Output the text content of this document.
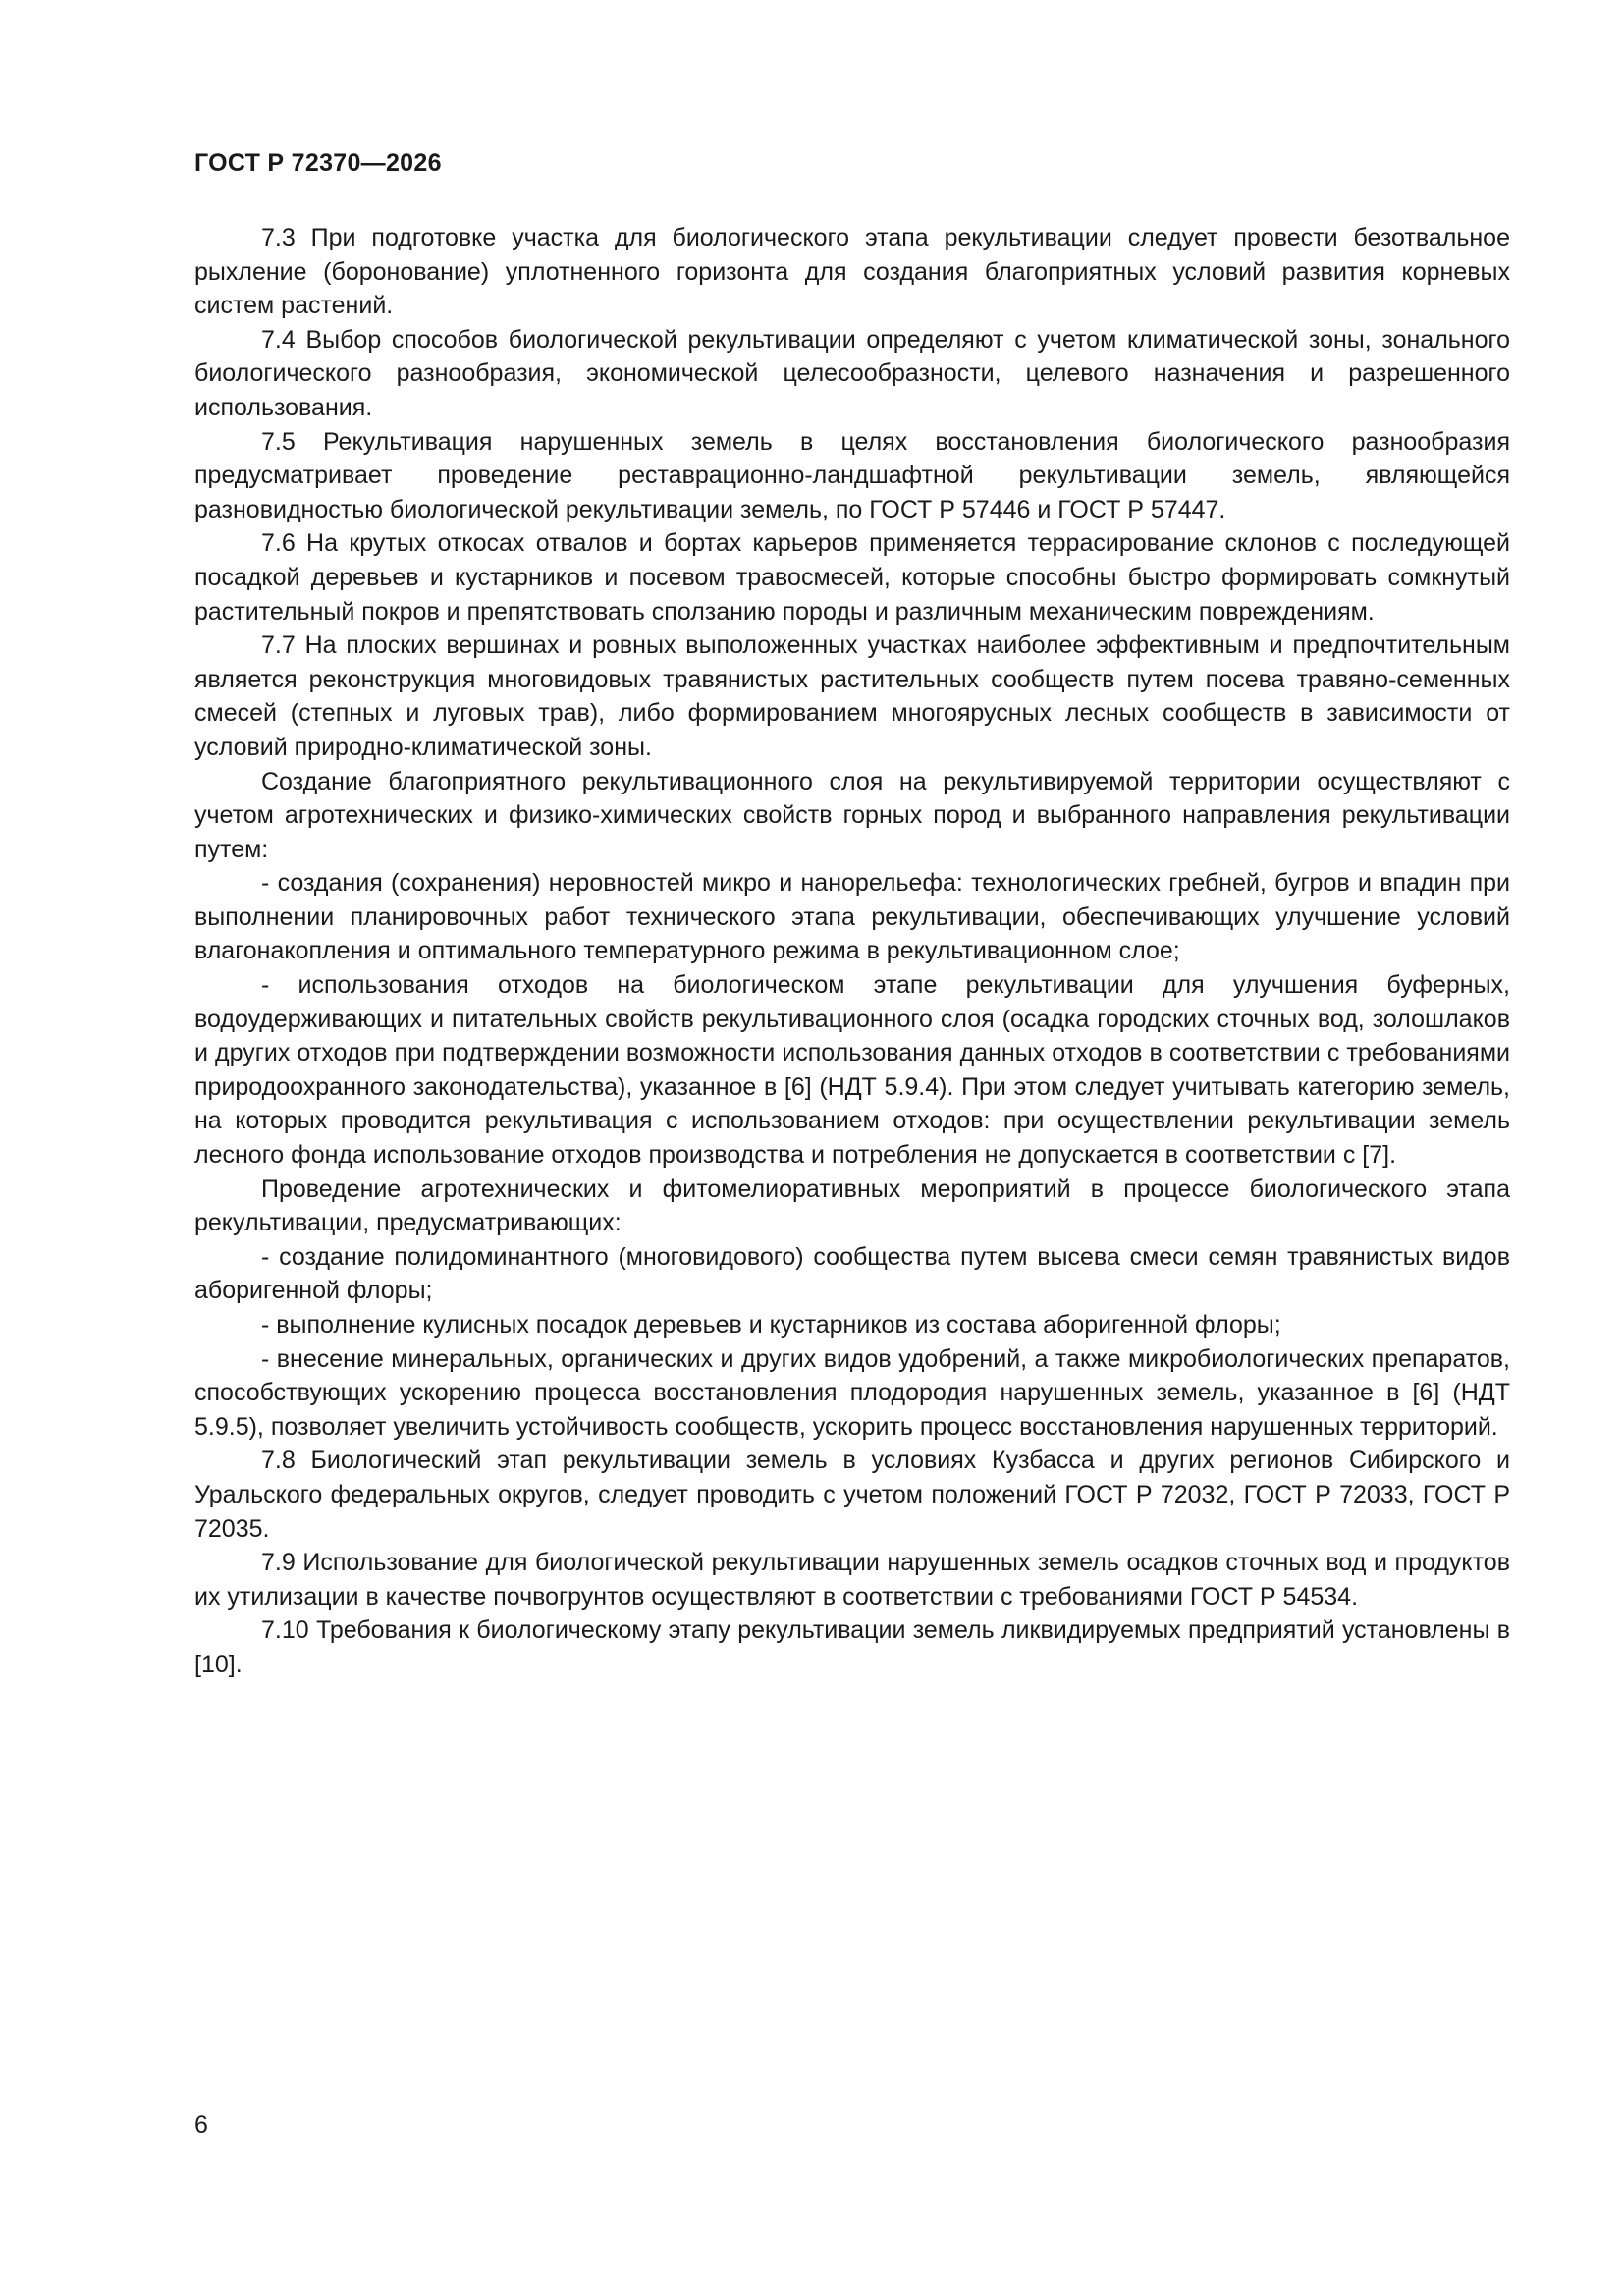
ГОСТ Р 72370—2026

7.3 При подготовке участка для биологического этапа рекультивации следует провести безотвальное рыхление (боронование) уплотненного горизонта для создания благоприятных условий развития корневых систем растений.

7.4 Выбор способов биологической рекультивации определяют с учетом климатической зоны, зонального биологического разнообразия, экономической целесообразности, целевого назначения и разрешенного использования.

7.5 Рекультивация нарушенных земель в целях восстановления биологического разнообразия предусматривает проведение реставрационно-ландшафтной рекультивации земель, являющейся разновидностью биологической рекультивации земель, по ГОСТ Р 57446 и ГОСТ Р 57447.

7.6 На крутых откосах отвалов и бортах карьеров применяется террасирование склонов с последующей посадкой деревьев и кустарников и посевом травосмесей, которые способны быстро формировать сомкнутый растительный покров и препятствовать сползанию породы и различным механическим повреждениям.

7.7 На плоских вершинах и ровных выположенных участках наиболее эффективным и предпочтительным является реконструкция многовидовых травянистых растительных сообществ путем посева травяно-семенных смесей (степных и луговых трав), либо формированием многоярусных лесных сообществ в зависимости от условий природно-климатической зоны.

Создание благоприятного рекультивационного слоя на рекультивируемой территории осуществляют с учетом агротехнических и физико-химических свойств горных пород и выбранного направления рекультивации путем:

- создания (сохранения) неровностей микро и нанорельефа: технологических гребней, бугров и впадин при выполнении планировочных работ технического этапа рекультивации, обеспечивающих улучшение условий влагонакопления и оптимального температурного режима в рекультивационном слое;

- использования отходов на биологическом этапе рекультивации для улучшения буферных, водоудерживающих и питательных свойств рекультивационного слоя (осадка городских сточных вод, золошлаков и других отходов при подтверждении возможности использования данных отходов в соответствии с требованиями природоохранного законодательства), указанное в [6] (НДТ 5.9.4). При этом следует учитывать категорию земель, на которых проводится рекультивация с использованием отходов: при осуществлении рекультивации земель лесного фонда использование отходов производства и потребления не допускается в соответствии с [7].

Проведение агротехнических и фитомелиоративных мероприятий в процессе биологического этапа рекультивации, предусматривающих:

- создание полидоминантного (многовидового) сообщества путем высева смеси семян травянистых видов аборигенной флоры;

- выполнение кулисных посадок деревьев и кустарников из состава аборигенной флоры;

- внесение минеральных, органических и других видов удобрений, а также микробиологических препаратов, способствующих ускорению процесса восстановления плодородия нарушенных земель, указанное в [6] (НДТ 5.9.5), позволяет увеличить устойчивость сообществ, ускорить процесс восстановления нарушенных территорий.

7.8 Биологический этап рекультивации земель в условиях Кузбасса и других регионов Сибирского и Уральского федеральных округов, следует проводить с учетом положений ГОСТ Р 72032, ГОСТ Р 72033, ГОСТ Р 72035.

7.9 Использование для биологической рекультивации нарушенных земель осадков сточных вод и продуктов их утилизации в качестве почвогрунтов осуществляют в соответствии с требованиями ГОСТ Р 54534.

7.10 Требования к биологическому этапу рекультивации земель ликвидируемых предприятий установлены в [10].

6
